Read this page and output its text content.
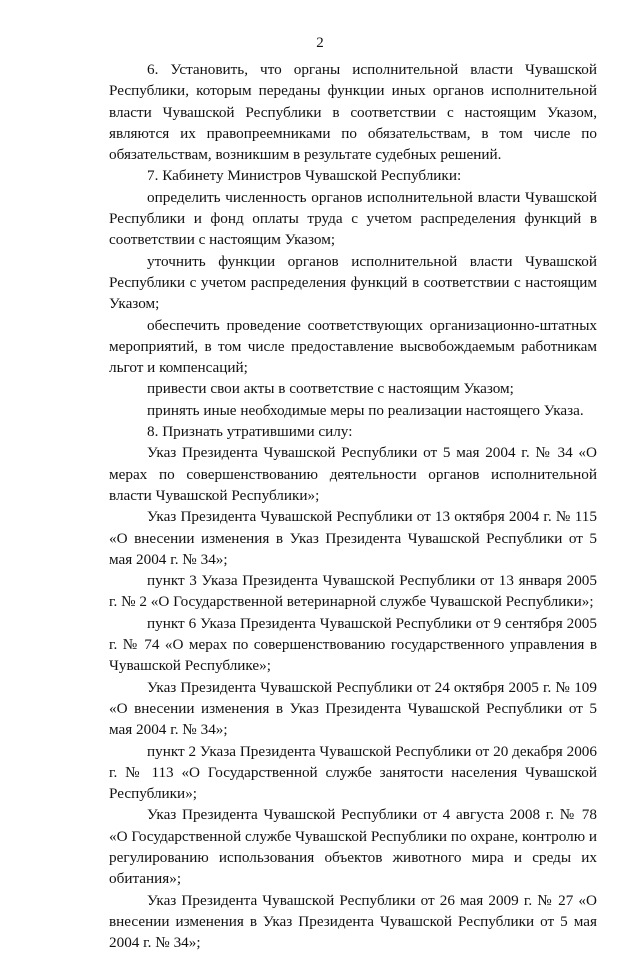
2

6. Установить, что органы исполнительной власти Чувашской Республики, которым переданы функции иных органов исполнительной власти Чувашской Республики в соответствии с настоящим Указом, являются их правопреемниками по обязательствам, в том числе по обязательствам, возникшим в результате судебных решений.

7. Кабинету Министров Чувашской Республики:

определить численность органов исполнительной власти Чувашской Республики и фонд оплаты труда с учетом распределения функций в соответствии с настоящим Указом;

уточнить функции органов исполнительной власти Чувашской Республики с учетом распределения функций в соответствии с настоящим Указом;

обеспечить проведение соответствующих организационно-штатных мероприятий, в том числе предоставление высвобождаемым работникам льгот и компенсаций;

привести свои акты в соответствие с настоящим Указом;

принять иные необходимые меры по реализации настоящего Указа.

8. Признать утратившими силу:

Указ Президента Чувашской Республики от 5 мая 2004 г. № 34 «О мерах по совершенствованию деятельности органов исполнительной власти Чувашской Республики»;

Указ Президента Чувашской Республики от 13 октября 2004 г. № 115 «О внесении изменения в Указ Президента Чувашской Республики от 5 мая 2004 г. № 34»;

пункт 3 Указа Президента Чувашской Республики от 13 января 2005 г. № 2 «О Государственной ветеринарной службе Чувашской Республики»;

пункт 6 Указа Президента Чувашской Республики от 9 сентября 2005 г. № 74 «О мерах по совершенствованию государственного управления в Чувашской Республике»;

Указ Президента Чувашской Республики от 24 октября 2005 г. № 109 «О внесении изменения в Указ Президента Чувашской Республики от 5 мая 2004 г. № 34»;

пункт 2 Указа Президента Чувашской Республики от 20 декабря 2006 г. № 113 «О Государственной службе занятости населения Чувашской Республики»;

Указ Президента Чувашской Республики от 4 августа 2008 г. № 78 «О Государственной службе Чувашской Республики по охране, контролю и регулированию использования объектов животного мира и среды их обитания»;

Указ Президента Чувашской Республики от 26 мая 2009 г. № 27 «О внесении изменения в Указ Президента Чувашской Республики от 5 мая 2004 г. № 34»;
